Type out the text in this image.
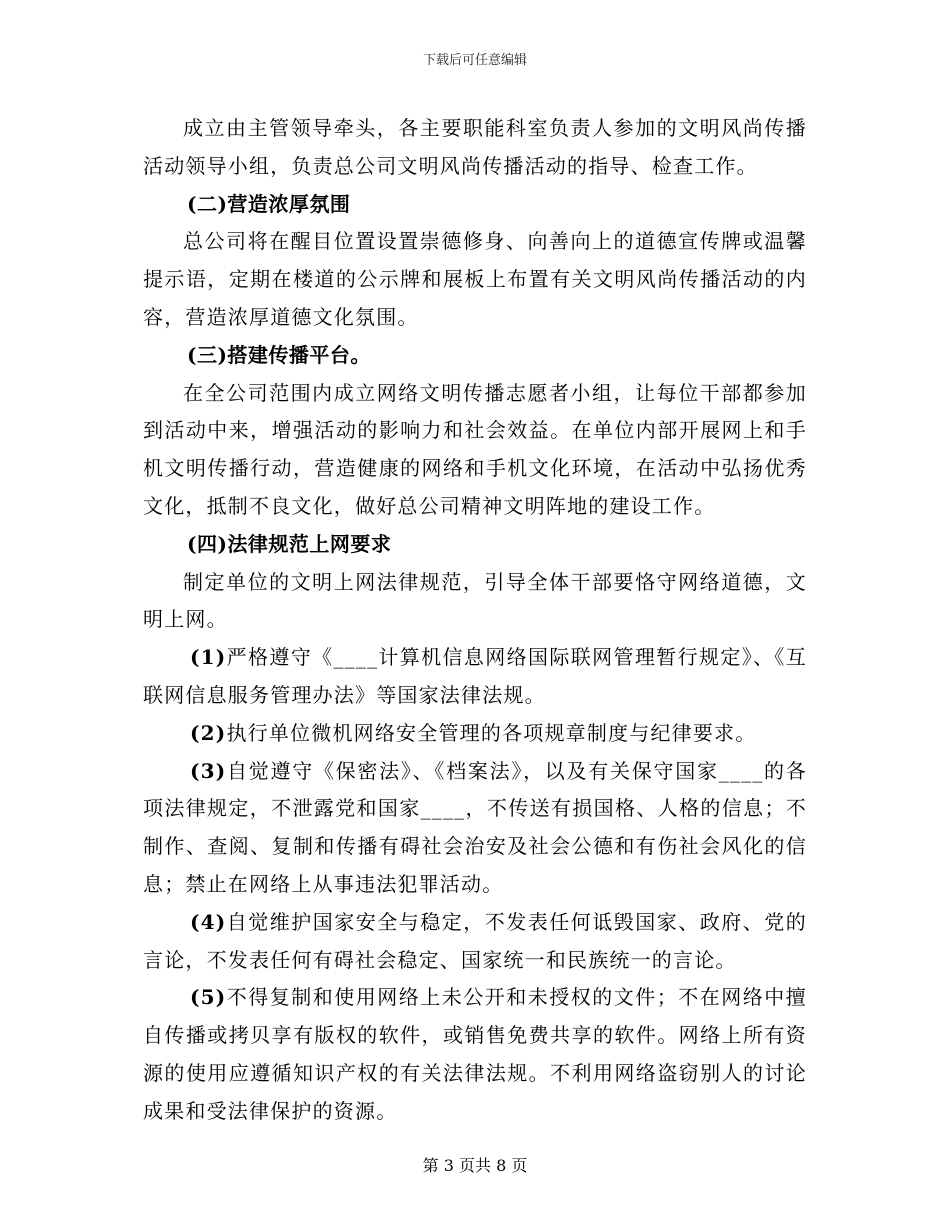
下载后可任意编辑

成立由主管领导牵头，各主要职能科室负责人参加的文明风尚传播活动领导小组，负责总公司文明风尚传播活动的指导、检查工作。

(二)营造浓厚氛围

总公司将在醒目位置设置崇德修身、向善向上的道德宣传牌或温馨提示语，定期在楼道的公示牌和展板上布置有关文明风尚传播活动的内容，营造浓厚道德文化氛围。

(三)搭建传播平台。

在全公司范围内成立网络文明传播志愿者小组，让每位干部都参加到活动中来，增强活动的影响力和社会效益。在单位内部开展网上和手机文明传播行动，营造健康的网络和手机文化环境，在活动中弘扬优秀文化，抵制不良文化，做好总公司精神文明阵地的建设工作。

(四)法律规范上网要求

制定单位的文明上网法律规范，引导全体干部要恪守网络道德，文明上网。

(1)严格遵守《____计算机信息网络国际联网管理暂行规定》、《互联网信息服务管理办法》等国家法律法规。

(2)执行单位微机网络安全管理的各项规章制度与纪律要求。

(3)自觉遵守《保密法》、《档案法》，以及有关保守国家____的各项法律规定，不泄露党和国家____，不传送有损国格、人格的信息；不制作、查阅、复制和传播有碍社会治安及社会公德和有伤社会风化的信息；禁止在网络上从事违法犯罪活动。

(4)自觉维护国家安全与稳定，不发表任何诋毁国家、政府、党的言论，不发表任何有碍社会稳定、国家统一和民族统一的言论。

(5)不得复制和使用网络上未公开和未授权的文件；不在网络中擅自传播或拷贝享有版权的软件，或销售免费共享的软件。网络上所有资源的使用应遵循知识产权的有关法律法规。不利用网络盗窃别人的讨论成果和受法律保护的资源。

第 3 页共 8 页
